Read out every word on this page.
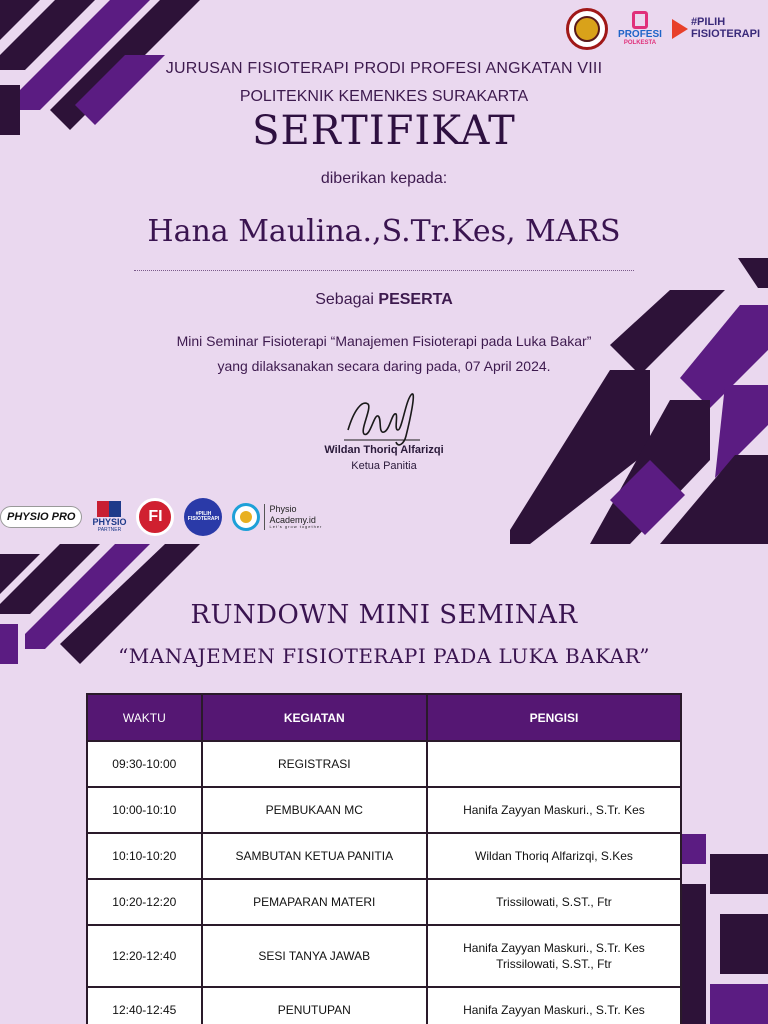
PROFESI
POLKESTA
#PILIH
FISIOTERAPI
JURUSAN FISIOTERAPI PRODI PROFESI ANGKATAN VIII
POLITEKNIK KEMENKES SURAKARTA
SERTIFIKAT
diberikan kepada:
Hana Maulina.,S.Tr.Kes, MARS
Sebagai PESERTA
Mini Seminar Fisioterapi “Manajemen Fisioterapi pada Luka Bakar”
yang dilaksanakan secara daring pada, 07 April 2024.
Wildan Thoriq Alfarizqi
Ketua Panitia
PHYSIO PRO	PHYSIO
PARTNER
FI	#PILIH FISIOTERAPI
Physio
Academy.id
Let's grow together
RUNDOWN MINI SEMINAR
“MANAJEMEN FISIOTERAPI PADA LUKA BAKAR”
WAKTU	KEGIATAN	PENGISI
09:30-10:00	REGISTRASI	
10:00-10:10	PEMBUKAAN MC	Hanifa Zayyan Maskuri., S.Tr. Kes
10:10-10:20	SAMBUTAN KETUA PANITIA	Wildan Thoriq Alfarizqi, S.Kes
10:20-12:20	PEMAPARAN MATERI	Trissilowati, S.ST., Ftr
12:20-12:40	SESI TANYA JAWAB	Hanifa Zayyan Maskuri., S.Tr. Kes
Trissilowati, S.ST., Ftr

12:40-12:45	PENUTUPAN	Hanifa Zayyan Maskuri., S.Tr. Kes
